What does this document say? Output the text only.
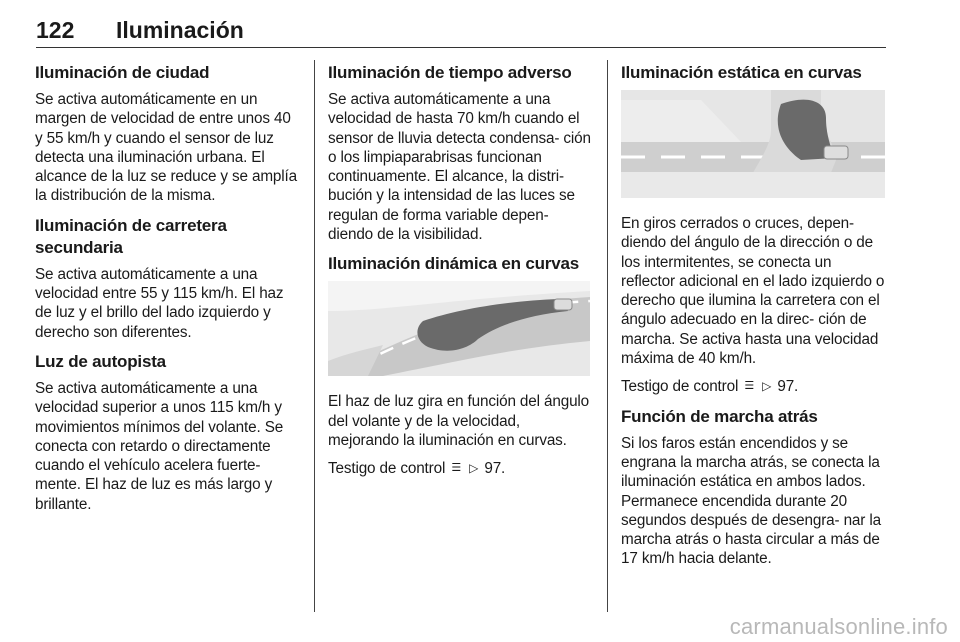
122 Iluminación
Iluminación de ciudad

Se activa automáticamente en un margen de velocidad de entre unos 40 y 55 km/h y cuando el sensor de luz detecta una iluminación urbana. El alcance de la luz se reduce y se amplía la distribución de la misma.

Iluminación de carretera secundaria

Se activa automáticamente a una velocidad entre 55 y 115 km/h. El haz de luz y el brillo del lado izquierdo y derecho son diferentes.

Luz de autopista

Se activa automáticamente a una velocidad superior a unos 115 km/h y movimientos mínimos del volante. Se conecta con retardo o directamente cuando el vehículo acelera fuerte- mente. El haz de luz es más largo y brillante.

Iluminación de tiempo adverso

Se activa automáticamente a una velocidad de hasta 70 km/h cuando el sensor de lluvia detecta condensa- ción o los limpiaparabrisas funcionan continuamente. El alcance, la distri- bución y la intensidad de las luces se regulan de forma variable depen- diendo de la visibilidad.

Iluminación dinámica en curvas

El haz de luz gira en función del ángulo del volante y de la velocidad, mejorando la iluminación en curvas.

Testigo de control ☰ ▷ 97.

Iluminación estática en curvas

En giros cerrados o cruces, depen- diendo del ángulo de la dirección o de los intermitentes, se conecta un reflector adicional en el lado izquierdo o derecho que ilumina la carretera con el ángulo adecuado en la direc- ción de marcha. Se activa hasta una velocidad máxima de 40 km/h.

Testigo de control ☰ ▷ 97.

Función de marcha atrás

Si los faros están encendidos y se engrana la marcha atrás, se conecta la iluminación estática en ambos lados. Permanece encendida durante 20 segundos después de desengra- nar la marcha atrás o hasta circular a más de 17 km/h hacia delante.

carmanualsonline.info
